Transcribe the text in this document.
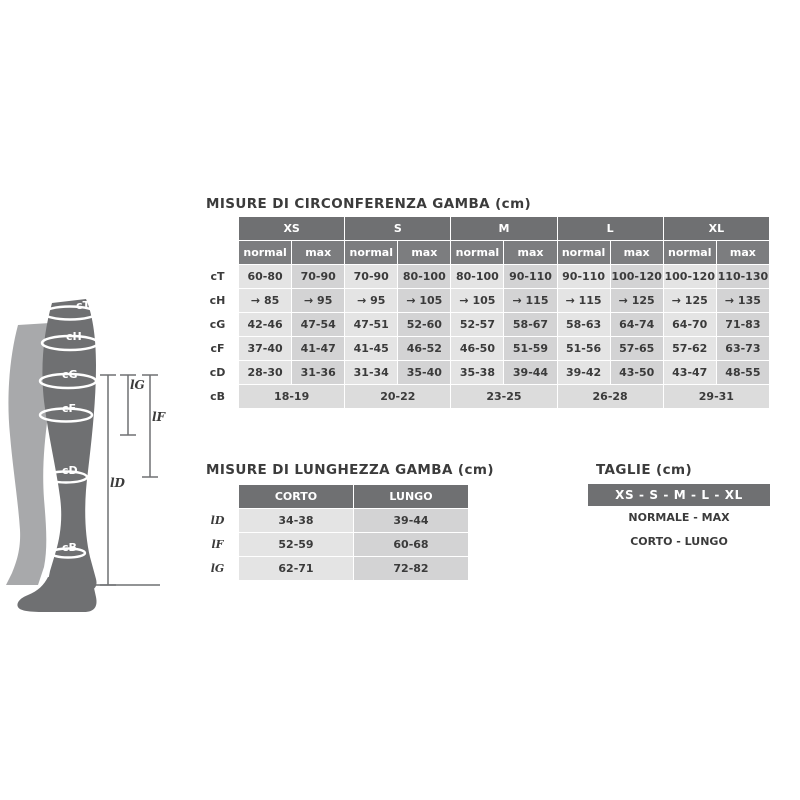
cT
cH
cG
cF
cD
cB
lG
lF
lD
MISURE DI CIRCONFERENZA GAMBA (cm)
	XS		S		M		L		XL	
	normal	max	normal	max	normal	max	normal	max	normal	max
cT	60-80	70-90	70-90	80-100	80-100	90-110	90-110	100-120	100-120	110-130
cH	→ 85	→ 95	→ 95	→ 105	→ 105	→ 115	→ 115	→ 125	→ 125	→ 135
cG	42-46	47-54	47-51	52-60	52-57	58-67	58-63	64-74	64-70	71-83
cF	37-40	41-47	41-45	46-52	46-50	51-59	51-56	57-65	57-62	63-73
cD	28-30	31-36	31-34	35-40	35-38	39-44	39-42	43-50	43-47	48-55
cB	18-19		20-22		23-25		26-28		29-31	
MISURE DI LUNGHEZZA GAMBA (cm)
	CORTO	LUNGO
lD	34-38	39-44
lF	52-59	60-68
lG	62-71	72-82
TAGLIE (cm)
XS - S - M - L - XL
NORMALE - MAX
CORTO - LUNGO
